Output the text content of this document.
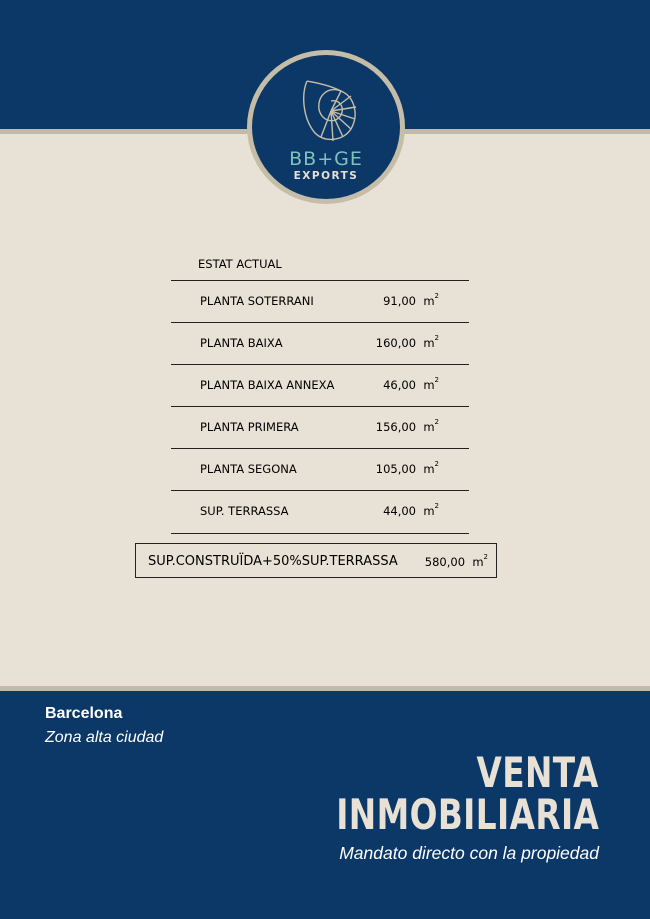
BB+GE
EXPORTS
ESTAT ACTUAL
PLANTA SOTERRANI	91,00 $m^2$
PLANTA BAIXA	160,00 $m^2$
PLANTA BAIXA ANNEXA	46,00 $m^2$
PLANTA PRIMERA	156,00 $m^2$
PLANTA SEGONA	105,00 $m^2$
SUP. TERRASSA	44,00 $m^2$
SUP.CONSTRUÏDA+50%SUP.TERRASSA 580,00 $m^2$
Barcelona
Zona alta ciudad
VENTA
INMOBILIARIA
Mandato directo con la propiedad
